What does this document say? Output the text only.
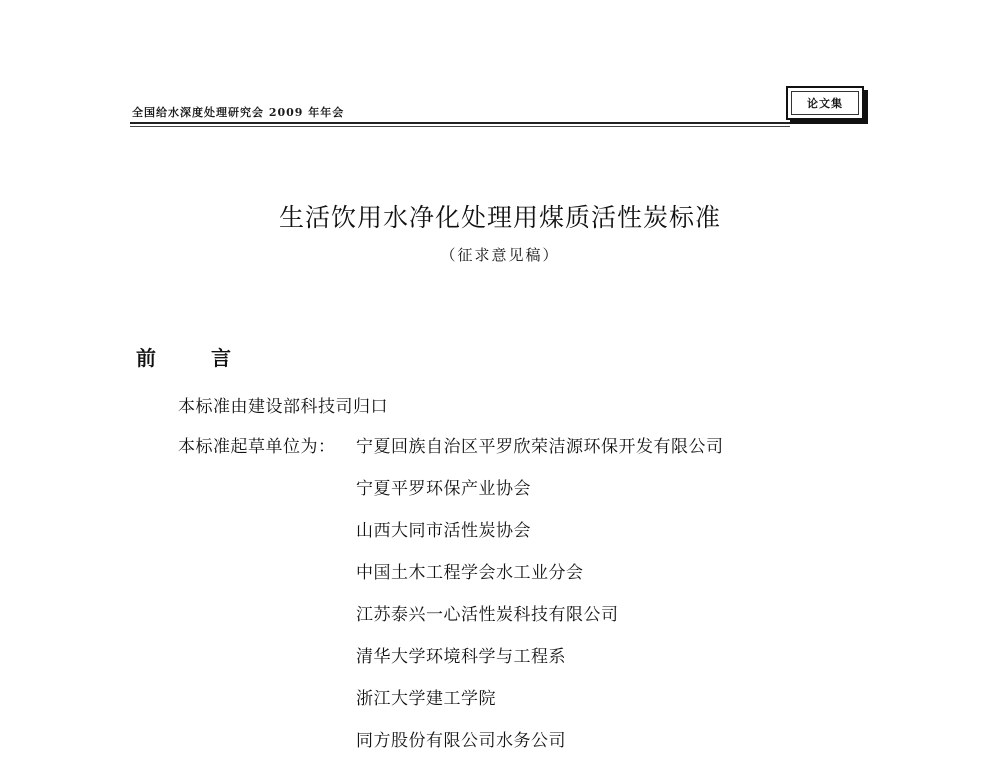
全国给水深度处理研究会 2009 年年会
论文集
生活饮用水净化处理用煤质活性炭标准
（征求意见稿）
前 言
本标准由建设部科技司归口
本标准起草单位为： 宁夏回族自治区平罗欣荣洁源环保开发有限公司
宁夏平罗环保产业协会
山西大同市活性炭协会
中国土木工程学会水工业分会
江苏泰兴一心活性炭科技有限公司
清华大学环境科学与工程系
浙江大学建工学院
同方股份有限公司水务公司
